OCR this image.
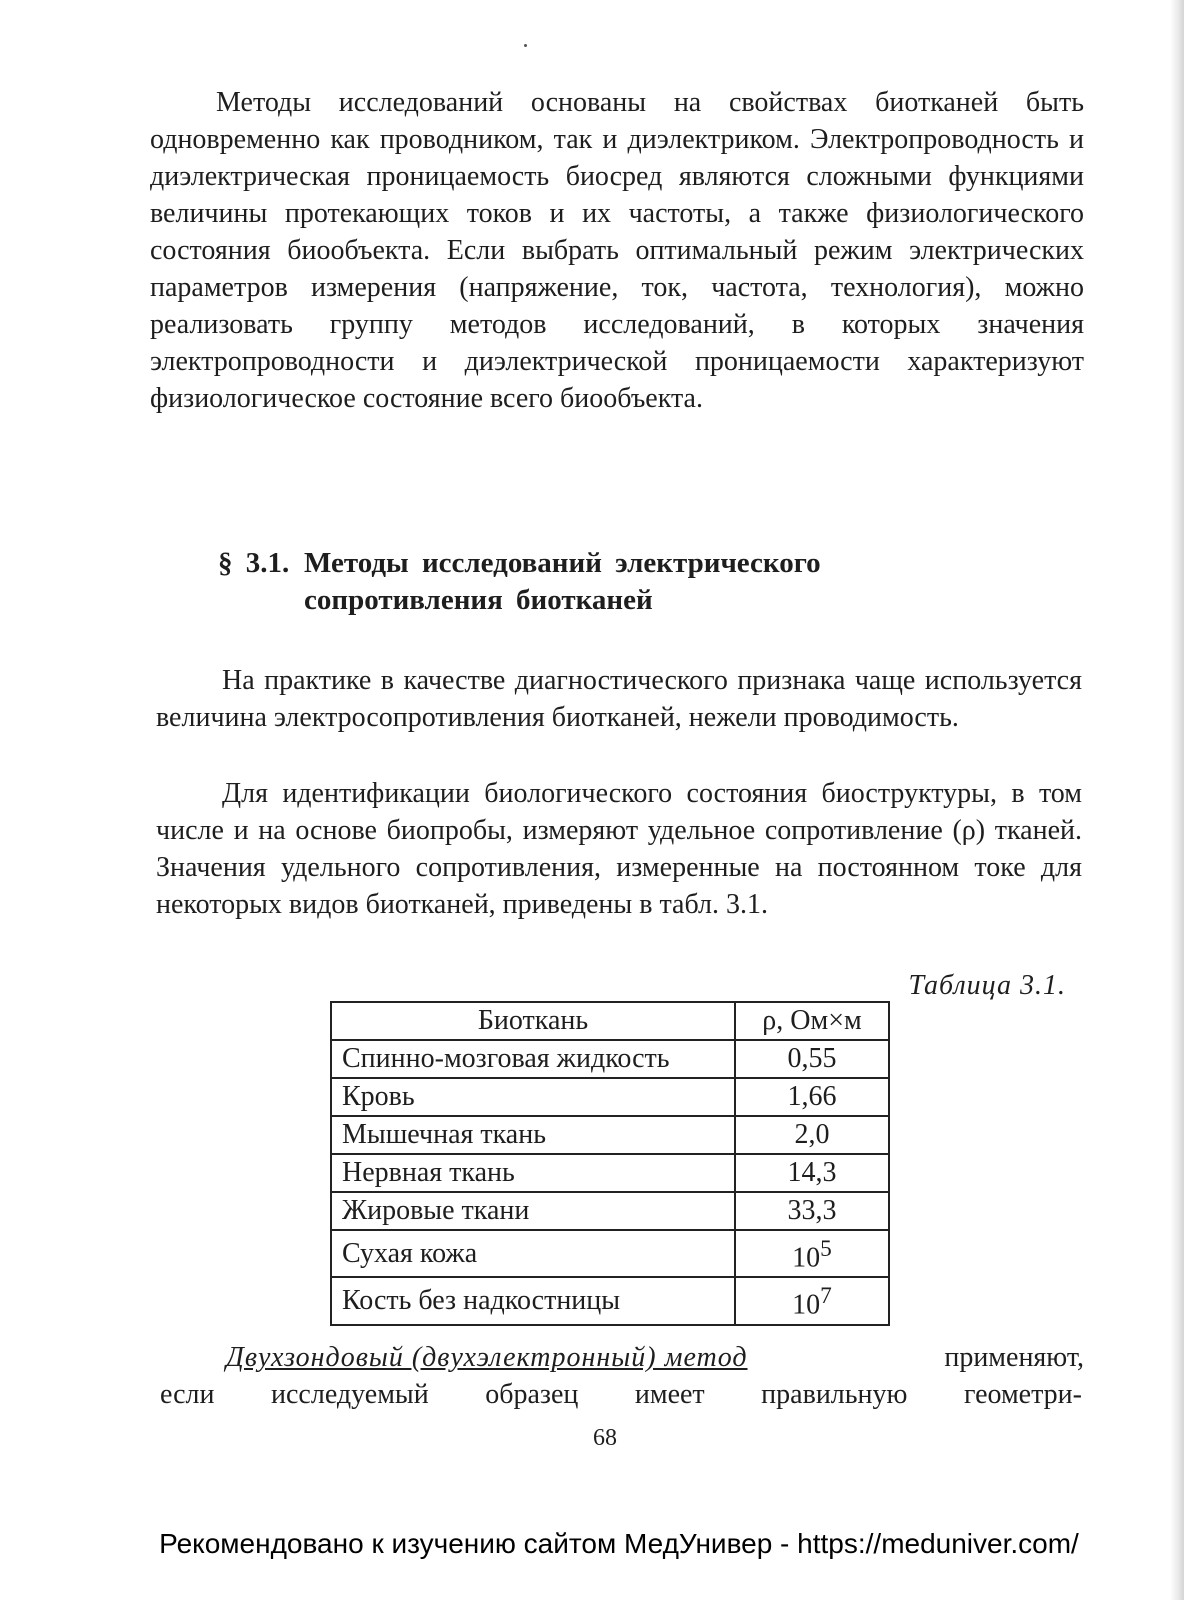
Методы исследований основаны на свойствах биотканей быть одновременно как проводником, так и диэлектриком. Электропроводность и диэлектрическая проницаемость биосред являются сложными функциями величины протекающих токов и их частоты, а также физиологического состояния биообъекта. Если выбрать оптимальный режим электрических параметров измерения (напряжение, ток, частота, технология), можно реализовать группу методов исследований, в которых значения электропроводности и диэлектрической проницаемости характеризуют физиологическое состояние всего биообъекта.

§ 3.1. Методы исследований электрического
сопротивления биотканей

На практике в качестве диагностического признака чаще используется величина электросопротивления биотканей, нежели проводимость.

Для идентификации биологического состояния биоструктуры, в том числе и на основе биопробы, измеряют удельное сопротивление (ρ) тканей. Значения удельного сопротивления, измеренные на постоянном токе для некоторых видов биотканей, приведены в табл. 3.1.

Таблица 3.1.
Биоткань	ρ, Ом×м
Спинно-мозговая жидкость	0,55
Кровь	1,66
Мышечная ткань	2,0
Нервная ткань	14,3
Жировые ткани	33,3
Сухая кожа	$10^5$
Кость без надкостницы	$10^7$
Двухзондовый (двухэлектронный) метод	применяют,
если исследуемый образец имеет правильную геометри-
68
Рекомендовано к изучению сайтом МедУнивер - https://meduniver.com/
